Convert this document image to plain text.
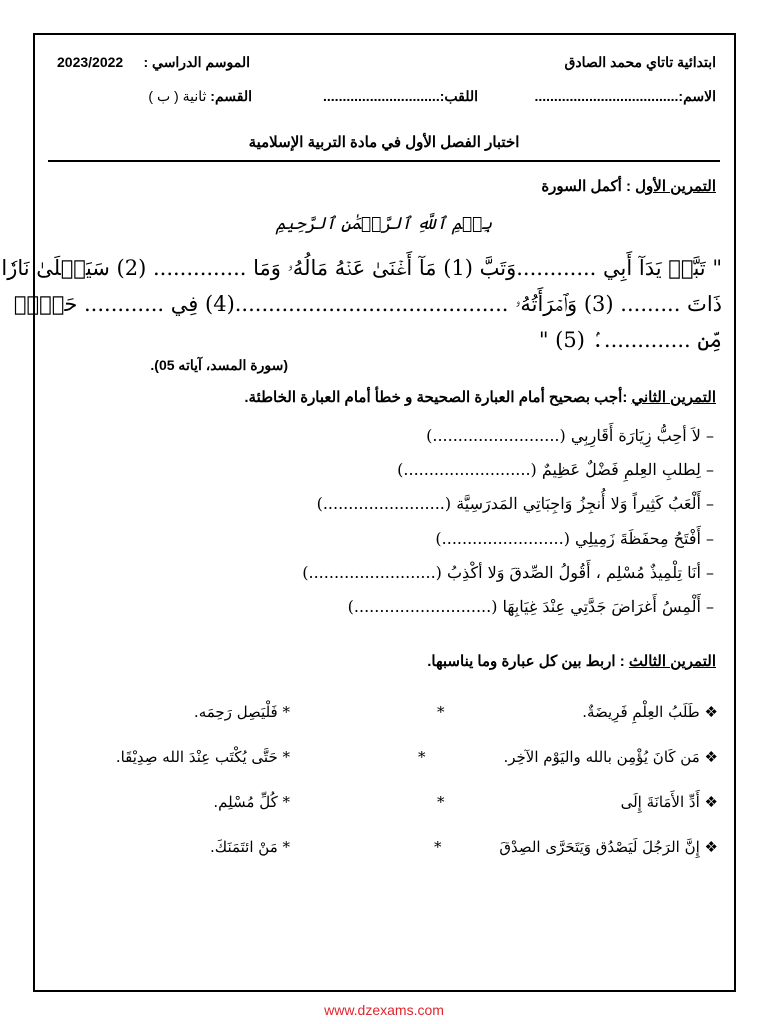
ابتدائية تاتاي محمد الصادق
الموسم الدراسي :
2023/2022
الاسم:.....................................
اللقب:..............................
القسم: ثانية ( ب )
اختبار الفصل الأول في مادة التربية الإسلامية
التمرين الأول : أكمل السورة
بِسۡمِ ٱللَّهِ ٱلرَّحۡمَٰنِ ٱلرَّحِيمِ
" تَبَّتۡ يَدَآ أَبِي ............وَتَبَّ (1) مَآ أَغۡنَىٰ عَنۡهُ مَالُهُۥ وَمَا .............. (2) سَيَصۡلَىٰ نَارٗا
ذَاتَ ......... (3) وَٱمۡرَأَتُهُۥ .........................................(4) فِي ............ حَبۡلٞ
مِّن ..............ۢ (5) "
(سورة المسد، آياته 05).
التمرين الثاني :أجب بصحيح أمام العبارة الصحيحة و خطأ أمام العبارة الخاطئة.
– لاَ أحِبُّ زِيَارَة أَقَارِبِي (.........................)
– لِطلبِ العِلمِ فَضْلٌ عَظِيمٌ (.........................)
– أَلْعَبُ كَثِيراً وَلا أُنجِزُ وَاجِبَاتِي المَدرَسِيَّة (........................)
– أَفْتَحُ مِحفَظَةَ زَمِيلِي (........................)
– أنَا تِلْمِيذٌ مُسْلِم ، أَقُولُ الصِّدقَ وَلا أكْذِبُ (.........................)
– أَلْمِسُ أَغرَاضَ جَدَّتِي عِنْدَ غِيَابِهَا (...........................)
التمرين الثالث : اربط بين كل عبارة وما يناسبها.
❖ طَلَبُ العِلْمِ فَرِيضَةٌ.
*
* فَلْيَصِل رَحِمَه.
❖ مَن كَانَ يُؤْمِن بالله واليَوْم الآخِر.
*
* حَتَّى يُكْتَب عِنْدَ الله صِدِيْقَا.
❖ أَدِّ الأَمَانَةَ إِلَى
*
* كُلِّ مُسْلِم.
❖ إِنَّ الرَجُلَ لَيَصْدُق وَيَتَحَرَّى الصِدْقَ
*
* مَنْ ائتَمَنَكَ.
www.dzexams.com
